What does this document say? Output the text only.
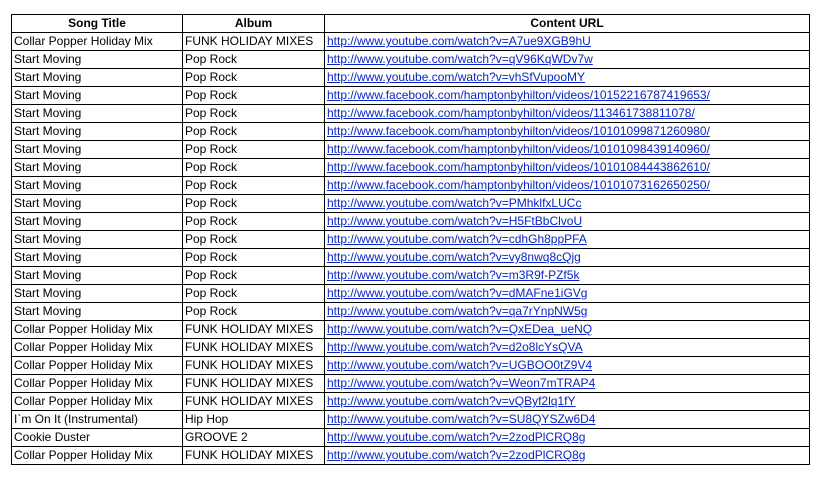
Song Title	Album	Content URL
Collar Popper Holiday Mix	FUNK HOLIDAY MIXES	http://www.youtube.com/watch?v=A7ue9XGB9hU
Start Moving	Pop Rock	http://www.youtube.com/watch?v=qV96KqWDv7w
Start Moving	Pop Rock	http://www.youtube.com/watch?v=vhSfVupooMY
Start Moving	Pop Rock	http://www.facebook.com/hamptonbyhilton/videos/10152216787419653/
Start Moving	Pop Rock	http://www.facebook.com/hamptonbyhilton/videos/113461738811078/
Start Moving	Pop Rock	http://www.facebook.com/hamptonbyhilton/videos/10101099871260980/
Start Moving	Pop Rock	http://www.facebook.com/hamptonbyhilton/videos/10101098439140960/
Start Moving	Pop Rock	http://www.facebook.com/hamptonbyhilton/videos/10101084443862610/
Start Moving	Pop Rock	http://www.facebook.com/hamptonbyhilton/videos/10101073162650250/
Start Moving	Pop Rock	http://www.youtube.com/watch?v=PMhklfxLUCc
Start Moving	Pop Rock	http://www.youtube.com/watch?v=H5FtBbClvoU
Start Moving	Pop Rock	http://www.youtube.com/watch?v=cdhGh8ppPFA
Start Moving	Pop Rock	http://www.youtube.com/watch?v=vy8nwq8cQjg
Start Moving	Pop Rock	http://www.youtube.com/watch?v=m3R9f-PZf5k
Start Moving	Pop Rock	http://www.youtube.com/watch?v=dMAFne1iGVg
Start Moving	Pop Rock	http://www.youtube.com/watch?v=qa7rYnpNW5g
Collar Popper Holiday Mix	FUNK HOLIDAY MIXES	http://www.youtube.com/watch?v=QxEDea_ueNQ
Collar Popper Holiday Mix	FUNK HOLIDAY MIXES	http://www.youtube.com/watch?v=d2o8lcYsQVA
Collar Popper Holiday Mix	FUNK HOLIDAY MIXES	http://www.youtube.com/watch?v=UGBOO0tZ9V4
Collar Popper Holiday Mix	FUNK HOLIDAY MIXES	http://www.youtube.com/watch?v=Weon7mTRAP4
Collar Popper Holiday Mix	FUNK HOLIDAY MIXES	http://www.youtube.com/watch?v=vQByf2lq1fY
I`m On It (Instrumental)	Hip Hop	http://www.youtube.com/watch?v=SU8QYSZw6D4
Cookie Duster	GROOVE 2	http://www.youtube.com/watch?v=2zodPlCRQ8g
Collar Popper Holiday Mix	FUNK HOLIDAY MIXES	http://www.youtube.com/watch?v=2zodPlCRQ8g
